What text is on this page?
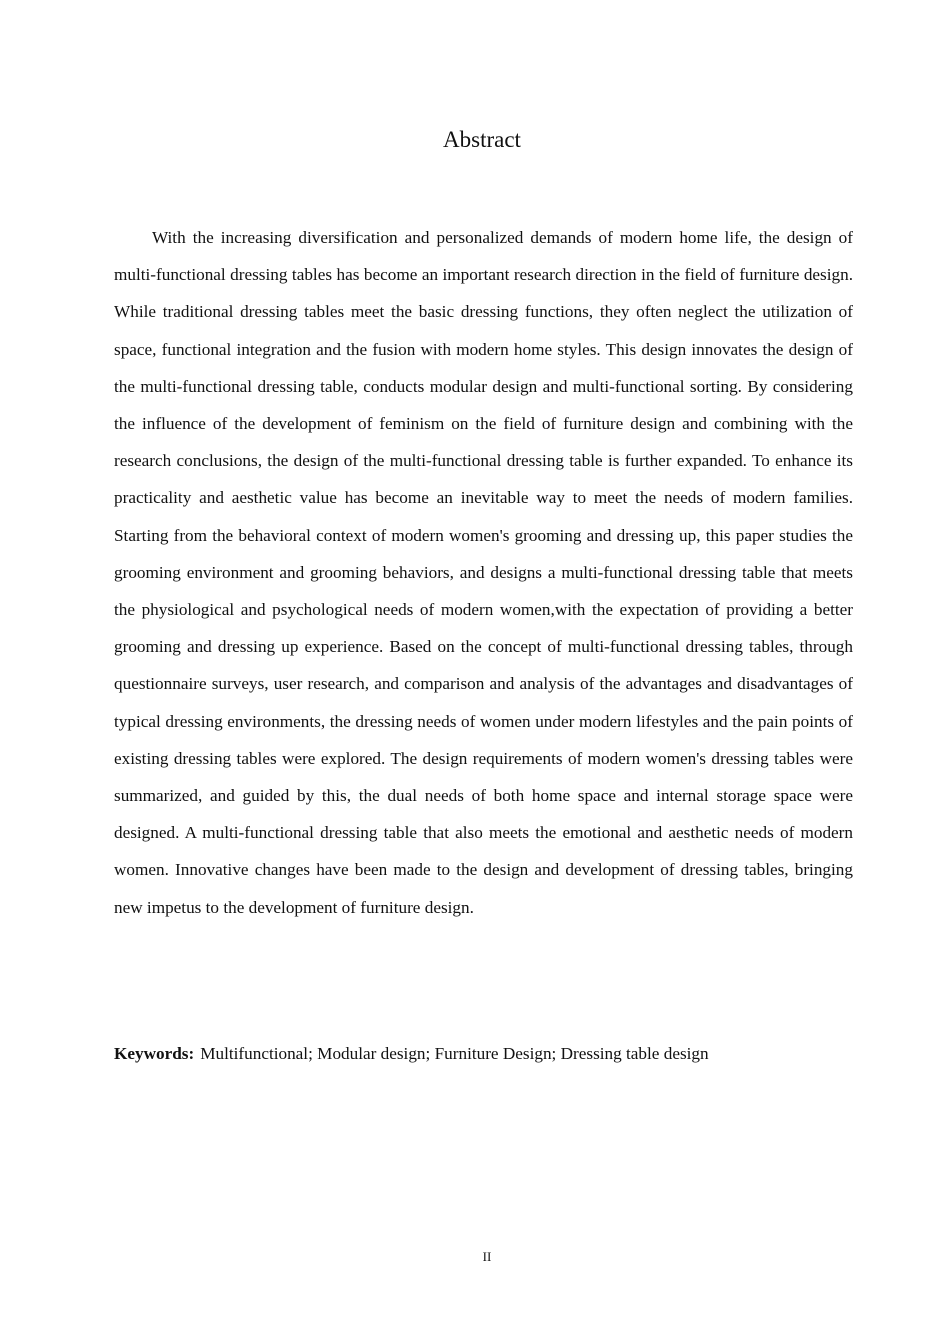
Abstract

With the increasing diversification and personalized demands of modern home life, the design of multi-functional dressing tables has become an important research direction in the field of furniture design. While traditional dressing tables meet the basic dressing functions, they often neglect the utilization of space, functional integration and the fusion with modern home styles. This design innovates the design of the multi-functional dressing table, conducts modular design and multi-functional sorting. By considering the influence of the development of feminism on the field of furniture design and combining with the research conclusions, the design of the multi-functional dressing table is further expanded. To enhance its practicality and aesthetic value has become an inevitable way to meet the needs of modern families. Starting from the behavioral context of modern women's grooming and dressing up, this paper studies the grooming environment and grooming behaviors, and designs a multi-functional dressing table that meets the physiological and psychological needs of modern women,with the expectation of providing a better grooming and dressing up experience. Based on the concept of multi-functional dressing tables, through questionnaire surveys, user research, and comparison and analysis of the advantages and disadvantages of typical dressing environments, the dressing needs of women under modern lifestyles and the pain points of existing dressing tables were explored. The design requirements of modern women's dressing tables were summarized, and guided by this, the dual needs of both home space and internal storage space were designed. A multi-functional dressing table that also meets the emotional and aesthetic needs of modern women. Innovative changes have been made to the design and development of dressing tables, bringing new impetus to the development of furniture design.

Keywords: Multifunctional; Modular design; Furniture Design; Dressing table design

II
